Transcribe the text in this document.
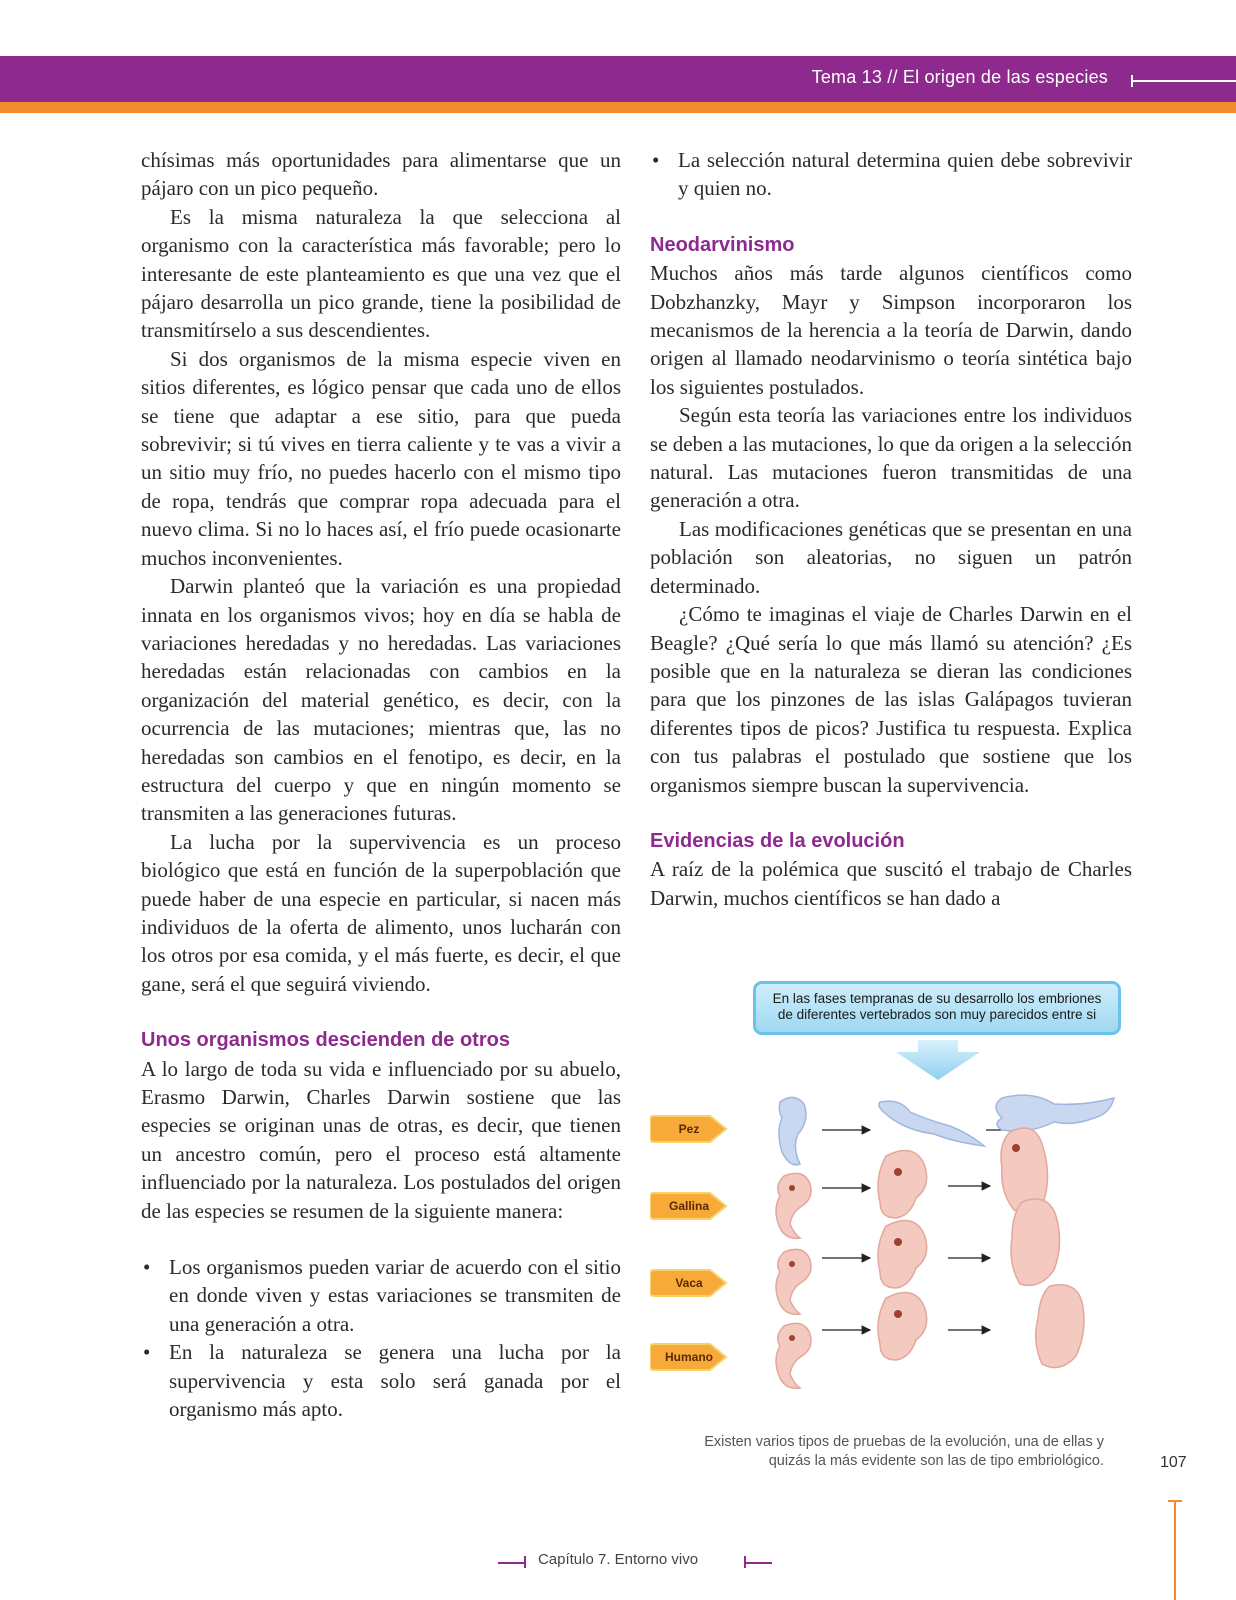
Tema 13 // El origen de las especies

chísimas más oportunidades para alimentarse que un pájaro con un pico pequeño.

Es la misma naturaleza la que selecciona al organismo con la característica más favorable; pero lo interesante de este planteamiento es que una vez que el pájaro desarrolla un pico grande, tiene la posibilidad de transmitírselo a sus descendientes.

Si dos organismos de la misma especie viven en sitios diferentes, es lógico pensar que cada uno de ellos se tiene que adaptar a ese sitio, para que pueda sobrevivir; si tú vives en tierra caliente y te vas a vivir a un sitio muy frío, no puedes hacerlo con el mismo tipo de ropa, tendrás que comprar ropa adecuada para el nuevo clima. Si no lo haces así, el frío puede ocasionarte muchos inconvenientes.

Darwin planteó que la variación es una propiedad innata en los organismos vivos; hoy en día se habla de variaciones heredadas y no heredadas. Las variaciones heredadas están relacionadas con cambios en la organización del material genético, es decir, con la ocurrencia de las mutaciones; mientras que, las no heredadas son cambios en el fenotipo, es decir, en la estructura del cuerpo y que en ningún momento se transmiten a las generaciones futuras.

La lucha por la supervivencia es un proceso biológico que está en función de la superpoblación que puede haber de una especie en particular, si nacen más individuos de la oferta de alimento, unos lucharán con los otros por esa comida, y el más fuerte, es decir, el que gane, será el que seguirá viviendo.

Unos organismos descienden de otros

A lo largo de toda su vida e influenciado por su abuelo, Erasmo Darwin, Charles Darwin sostiene que las especies se originan unas de otras, es decir, que tienen un ancestro común, pero el proceso está altamente influenciado por la naturaleza. Los postulados del origen de las especies se resumen de la siguiente manera:

• Los organismos pueden variar de acuerdo con el sitio en donde viven y estas variaciones se transmiten de una generación a otra.
• En la naturaleza se genera una lucha por la supervivencia y esta solo será ganada por el organismo más apto.
• La selección natural determina quien debe sobrevivir y quien no.
Neodarvinismo

Muchos años más tarde algunos científicos como Dobzhanzky, Mayr y Simpson incorporaron los mecanismos de la herencia a la teoría de Darwin, dando origen al llamado neodarvinismo o teoría sintética bajo los siguientes postulados.

Según esta teoría las variaciones entre los individuos se deben a las mutaciones, lo que da origen a la selección natural. Las mutaciones fueron transmitidas de una generación a otra.

Las modificaciones genéticas que se presentan en una población son aleatorias, no siguen un patrón determinado.

¿Cómo te imaginas el viaje de Charles Darwin en el Beagle? ¿Qué sería lo que más llamó su atención? ¿Es posible que en la naturaleza se dieran las condiciones para que los pinzones de las islas Galápagos tuvieran diferentes tipos de picos? Justifica tu respuesta. Explica con tus palabras el postulado que sostiene que los organismos siempre buscan la supervivencia.

Evidencias de la evolución

A raíz de la polémica que suscitó el trabajo de Charles Darwin, muchos científicos se han dado a

En las fases tempranas de su desarrollo los embriones
de diferentes vertebrados son muy parecidos entre si
Pez
Gallina
Vaca
Humano
Existen varios tipos de pruebas de la evolución, una de ellas y
quizás la más evidente son las de tipo embriológico.	107
Capítulo 7. Entorno vivo
